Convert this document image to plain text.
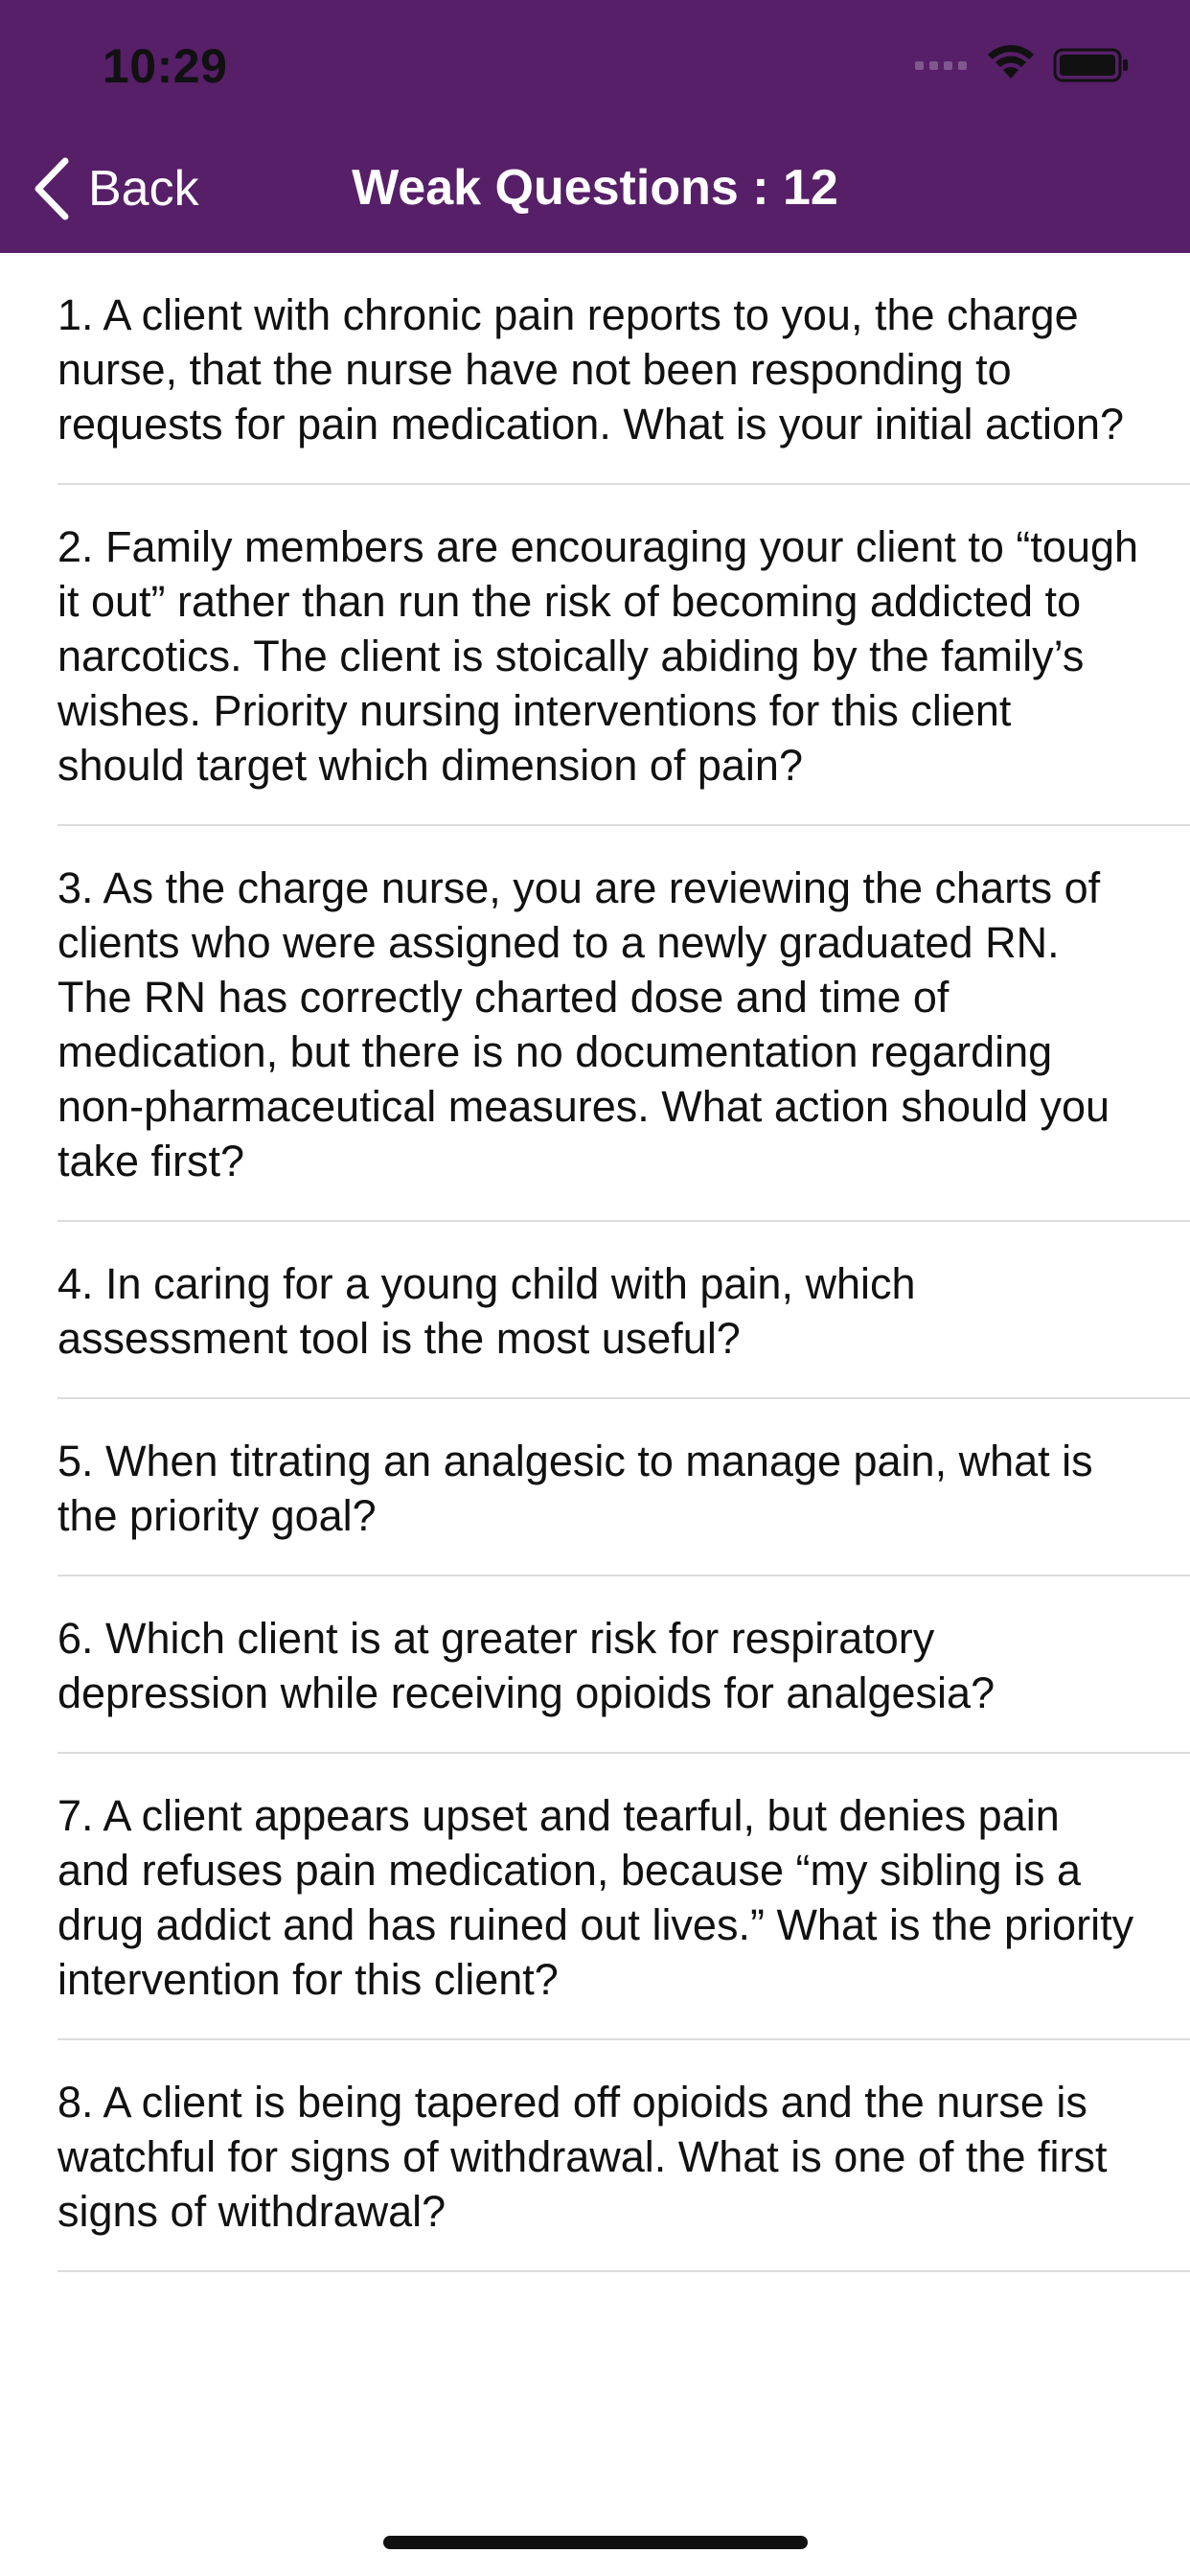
10:29
Back	Weak Questions : 12
1. A client with chronic pain reports to you, the charge nurse, that the nurse have not been responding to requests for pain medication. What is your initial action?
2. Family members are encouraging your client to “tough it out” rather than run the risk of becoming addicted to narcotics. The client is stoically abiding by the family’s wishes. Priority nursing interventions for this client should target which dimension of pain?
3. As the charge nurse, you are reviewing the charts of clients who were assigned to a newly graduated RN. The RN has correctly charted dose and time of medication, but there is no documentation regarding non-pharmaceutical measures. What action should you take first?
4. In caring for a young child with pain, which assessment tool is the most useful?
5. When titrating an analgesic to manage pain, what is the priority goal?
6. Which client is at greater risk for respiratory depression while receiving opioids for analgesia?
7. A client appears upset and tearful, but denies pain and refuses pain medication, because “my sibling is a drug addict and has ruined out lives.” What is the priority intervention for this client?
8. A client is being tapered off opioids and the nurse is watchful for signs of withdrawal. What is one of the first signs of withdrawal?
